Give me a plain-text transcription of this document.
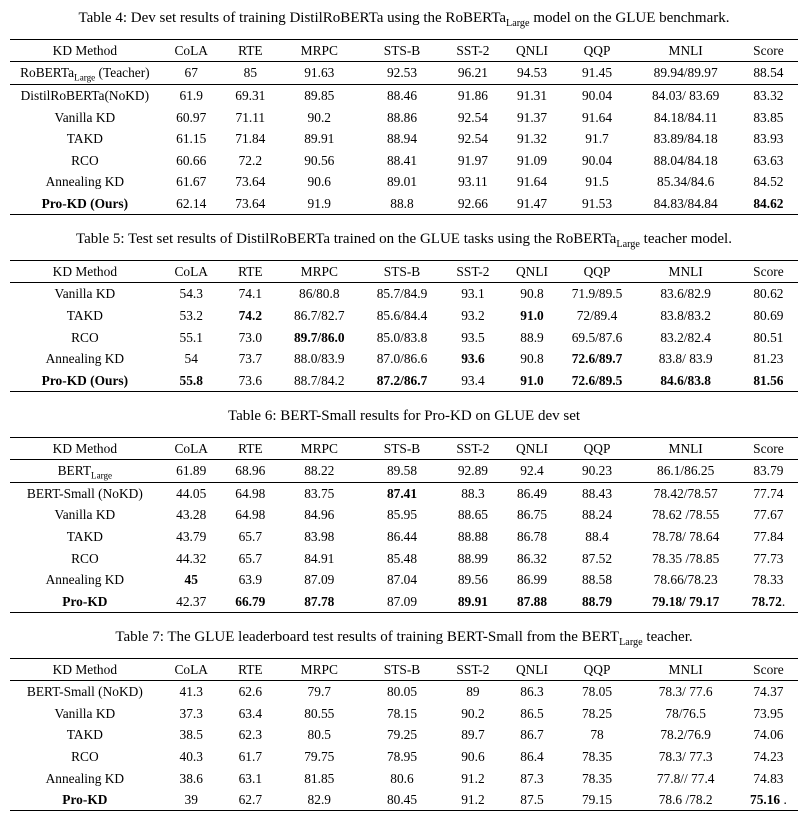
Table 4: Dev set results of training DistilRoBERTa using the RoBERTa$_{Large}$ model on the GLUE benchmark.
KD Method	CoLA	RTE	MRPC	STS-B	SST-2	QNLI	QQP	MNLI	Score
RoBERTa$_{Large}$ (Teacher)	67	85	91.63	92.53	96.21	94.53	91.45	89.94/89.97	88.54
DistilRoBERTa(NoKD)	61.9	69.31	89.85	88.46	91.86	91.31	90.04	84.03/ 83.69	83.32
Vanilla KD	60.97	71.11	90.2	88.86	92.54	91.37	91.64	84.18/84.11	83.85
TAKD	61.15	71.84	89.91	88.94	92.54	91.32	91.7	83.89/84.18	83.93
RCO	60.66	72.2	90.56	88.41	91.97	91.09	90.04	88.04/84.18	63.63
Annealing KD	61.67	73.64	90.6	89.01	93.11	91.64	91.5	85.34/84.6	84.52
Pro-KD (Ours)	62.14	73.64	91.9	88.8	92.66	91.47	91.53	84.83/84.84	84.62
Table 5: Test set results of DistilRoBERTa trained on the GLUE tasks using the RoBERTa$_{Large}$ teacher model.
KD Method	CoLA	RTE	MRPC	STS-B	SST-2	QNLI	QQP	MNLI	Score
Vanilla KD	54.3	74.1	86/80.8	85.7/84.9	93.1	90.8	71.9/89.5	83.6/82.9	80.62
TAKD	53.2	74.2	86.7/82.7	85.6/84.4	93.2	91.0	72/89.4	83.8/83.2	80.69
RCO	55.1	73.0	89.7/86.0	85.0/83.8	93.5	88.9	69.5/87.6	83.2/82.4	80.51
Annealing KD	54	73.7	88.0/83.9	87.0/86.6	93.6	90.8	72.6/89.7	83.8/ 83.9	81.23
Pro-KD (Ours)	55.8	73.6	88.7/84.2	87.2/86.7	93.4	91.0	72.6/89.5	84.6/83.8	81.56
Table 6: BERT-Small results for Pro-KD on GLUE dev set
KD Method	CoLA	RTE	MRPC	STS-B	SST-2	QNLI	QQP	MNLI	Score
$BERT_{Large}$	61.89	68.96	88.22	89.58	92.89	92.4	90.23	86.1/86.25	83.79
BERT-Small (NoKD)	44.05	64.98	83.75	87.41	88.3	86.49	88.43	78.42/78.57	77.74
Vanilla KD	43.28	64.98	84.96	85.95	88.65	86.75	88.24	78.62 /78.55	77.67
TAKD	43.79	65.7	83.98	86.44	88.88	86.78	88.4	78.78/ 78.64	77.84
RCO	44.32	65.7	84.91	85.48	88.99	86.32	87.52	78.35 /78.85	77.73
Annealing KD	45	63.9	87.09	87.04	89.56	86.99	88.58	78.66/78.23	78.33
Pro-KD	42.37	66.79	87.78	87.09	89.91	87.88	88.79	79.18/ 79.17	78.72.
Table 7: The GLUE leaderboard test results of training BERT-Small from the $BERT_{Large}$ teacher.
KD Method	CoLA	RTE	MRPC	STS-B	SST-2	QNLI	QQP	MNLI	Score
BERT-Small (NoKD)	41.3	62.6	79.7	80.05	89	86.3	78.05	78.3/ 77.6	74.37
Vanilla KD	37.3	63.4	80.55	78.15	90.2	86.5	78.25	78/76.5	73.95
TAKD	38.5	62.3	80.5	79.25	89.7	86.7	78	78.2/76.9	74.06
RCO	40.3	61.7	79.75	78.95	90.6	86.4	78.35	78.3/ 77.3	74.23
Annealing KD	38.6	63.1	81.85	80.6	91.2	87.3	78.35	77.8// 77.4	74.83
Pro-KD	39	62.7	82.9	80.45	91.2	87.5	79.15	78.6 /78.2	75.16 .
